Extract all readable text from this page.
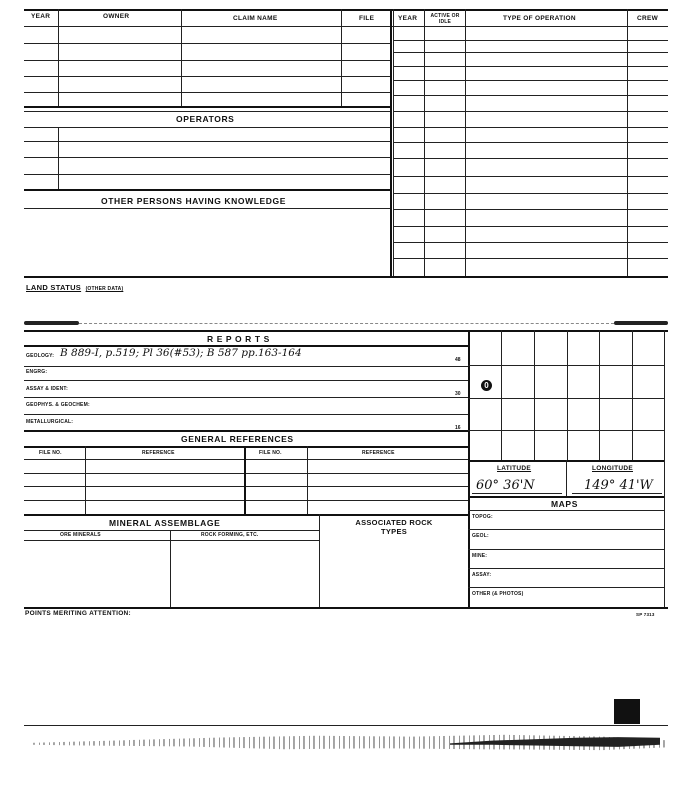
YEAR	OWNER	CLAIM NAME	FILE	YEAR	ACTIVE OR IDLE	TYPE OF OPERATION	CREW
OPERATORS
OTHER PERSONS HAVING KNOWLEDGE
LAND STATUS (OTHER DATA)
R E P O R T S
GEOLOGY: B 889-I, p.519; Pl 36(#53); B 587 pp.163-164
48
ENGRG:
ASSAY & IDENT:
30
GEOPHYS. & GEOCHEM:
METALLURGICAL:
16
GENERAL REFERENCES
FILE NO.	REFERENCE	FILE NO.	REFERENCE
MINERAL ASSEMBLAGE
ORE MINERALS	ROCK FORMING, ETC.
ASSOCIATED ROCK TYPES
0
LATITUDE	LONGITUDE
60° 36'N	149° 41'W
MAPS
TOPOG:
GEOL:
MINE:
ASSAY:
OTHER (& PHOTOS)
POINTS MERITING ATTENTION:	SP 7313
